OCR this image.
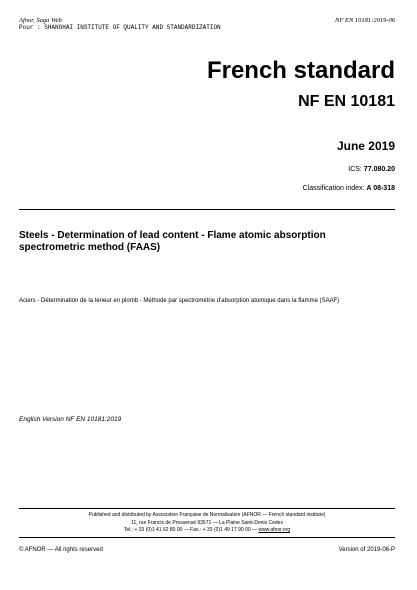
Afnor, Saga Web
Pour : SHANGHAI INSTITUTE OF QUALITY AND STANDARDIZATION
NF EN 10181:2019-06
French standard
NF EN 10181
June 2019
ICS: 77.080.20
Classification index: A 08-318
Steels - Determination of lead content - Flame atomic absorption spectrometric method (FAAS)
Aciers - Détermination de la teneur en plomb - Méthode par spectrométrie d'absorption atomique dans la flamme (SAAF)
English Version NF EN 10181:2019
Published and distributed by Association Française de Normalisation (AFNOR — French standard institute)
11, rue Francis de Pressensé 93571 — La Plaine Saint-Denis Cedex
Tel.: + 33 (0)1 41 62 80 00 — Fax.: + 33 (0)1 49 17 90 00 — www.afnor.org
© AFNOR — All rights reserved	Version of 2019-06-P
